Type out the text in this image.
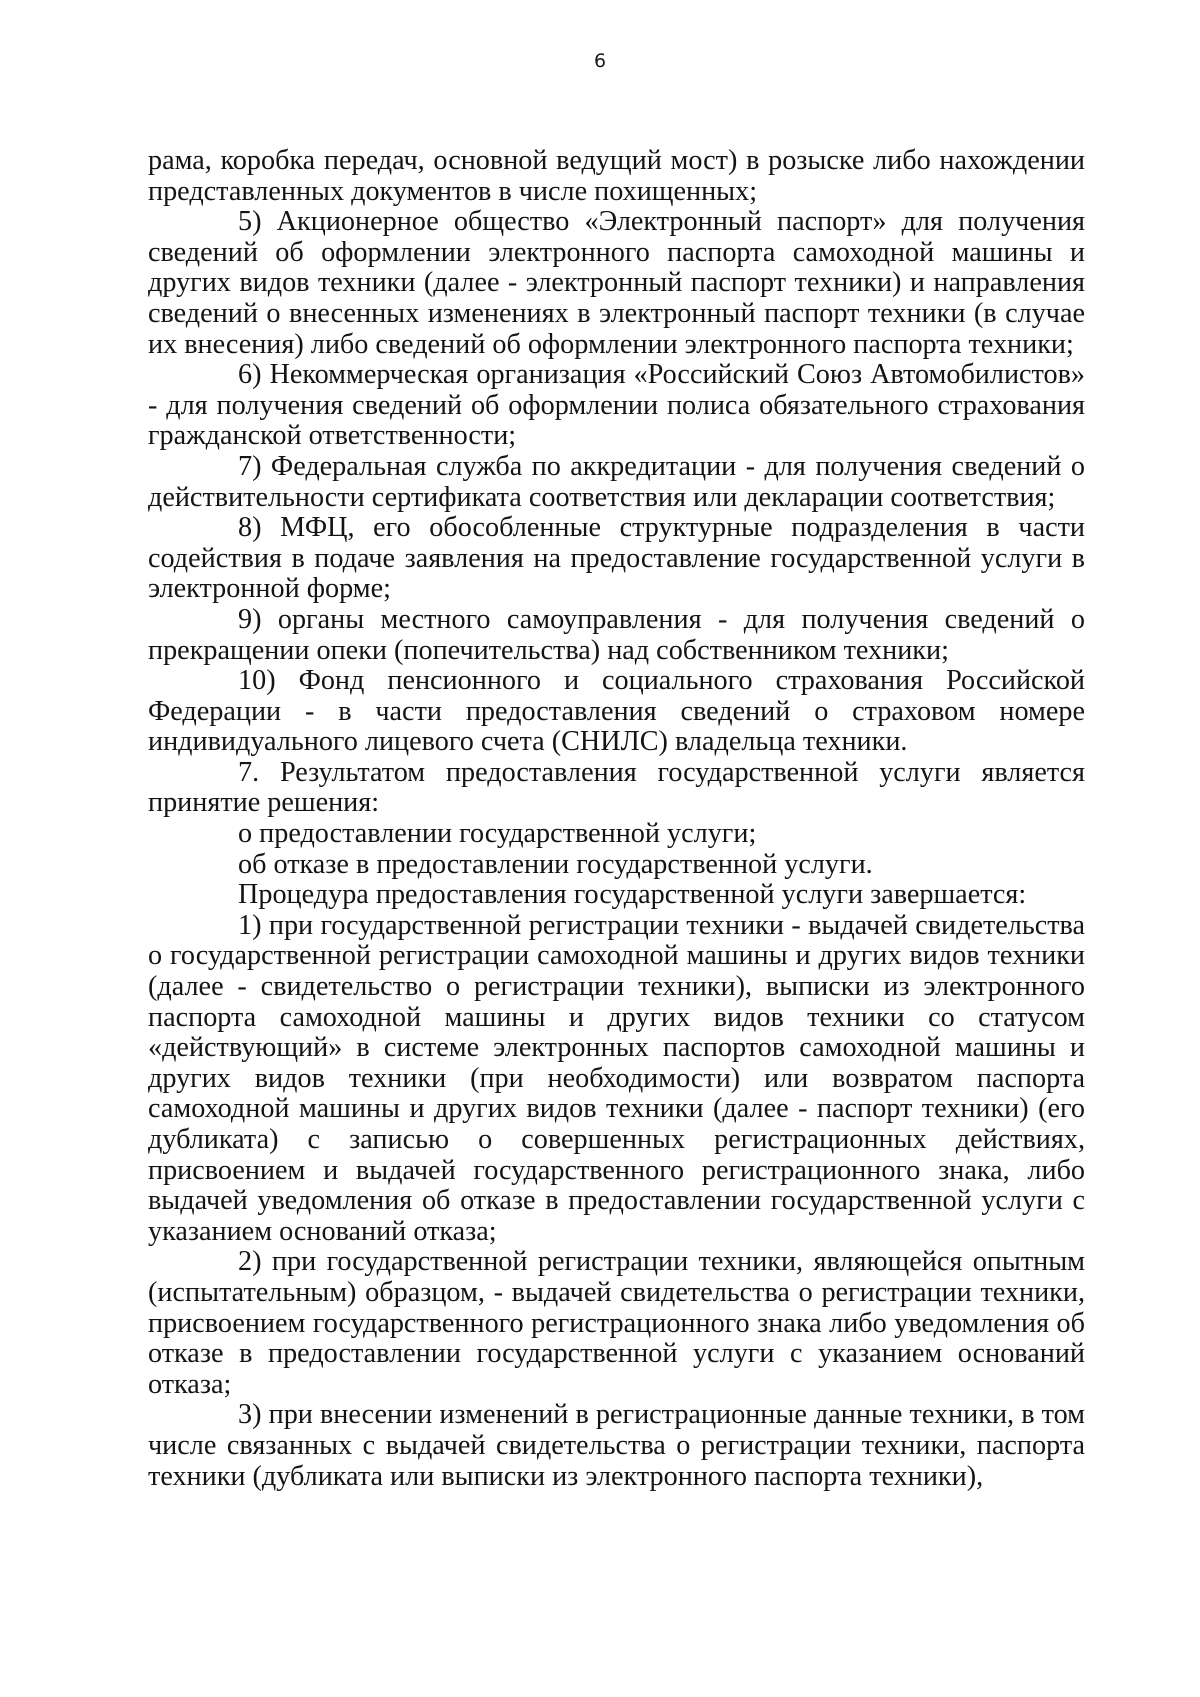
6

рама, коробка передач, основной ведущий мост) в розыске либо нахождении представленных документов в числе похищенных;

5) Акционерное общество «Электронный паспорт» для получения сведений об оформлении электронного паспорта самоходной машины и других видов техники (далее - электронный паспорт техники) и направления сведений о внесенных изменениях в электронный паспорт техники (в случае их внесения) либо сведений об оформлении электронного паспорта техники;

6) Некоммерческая организация «Российский Союз Автомобилистов» - для получения сведений об оформлении полиса обязательного страхования гражданской ответственности;

7) Федеральная служба по аккредитации - для получения сведений о действительности сертификата соответствия или декларации соответствия;

8) МФЦ, его обособленные структурные подразделения в части содействия в подаче заявления на предоставление государственной услуги в электронной форме;

9) органы местного самоуправления - для получения сведений о прекращении опеки (попечительства) над собственником техники;

10) Фонд пенсионного и социального страхования Российской Федерации - в части предоставления сведений о страховом номере индивидуального лицевого счета (СНИЛС) владельца техники.

7. Результатом предоставления государственной услуги является принятие решения:

о предоставлении государственной услуги;

об отказе в предоставлении государственной услуги.

Процедура предоставления государственной услуги завершается:

1) при государственной регистрации техники - выдачей свидетельства о государственной регистрации самоходной машины и других видов техники (далее - свидетельство о регистрации техники), выписки из электронного паспорта самоходной машины и других видов техники со статусом «действующий» в системе электронных паспортов самоходной машины и других видов техники (при необходимости) или возвратом паспорта самоходной машины и других видов техники (далее - паспорт техники) (его дубликата) с записью о совершенных регистрационных действиях, присвоением и выдачей государственного регистрационного знака, либо выдачей уведомления об отказе в предоставлении государственной услуги с указанием оснований отказа;

2) при государственной регистрации техники, являющейся опытным (испытательным) образцом, - выдачей свидетельства о регистрации техники, присвоением государственного регистрационного знака либо уведомления об отказе в предоставлении государственной услуги с указанием оснований отказа;

3) при внесении изменений в регистрационные данные техники, в том числе связанных с выдачей свидетельства о регистрации техники, паспорта техники (дубликата или выписки из электронного паспорта техники),
